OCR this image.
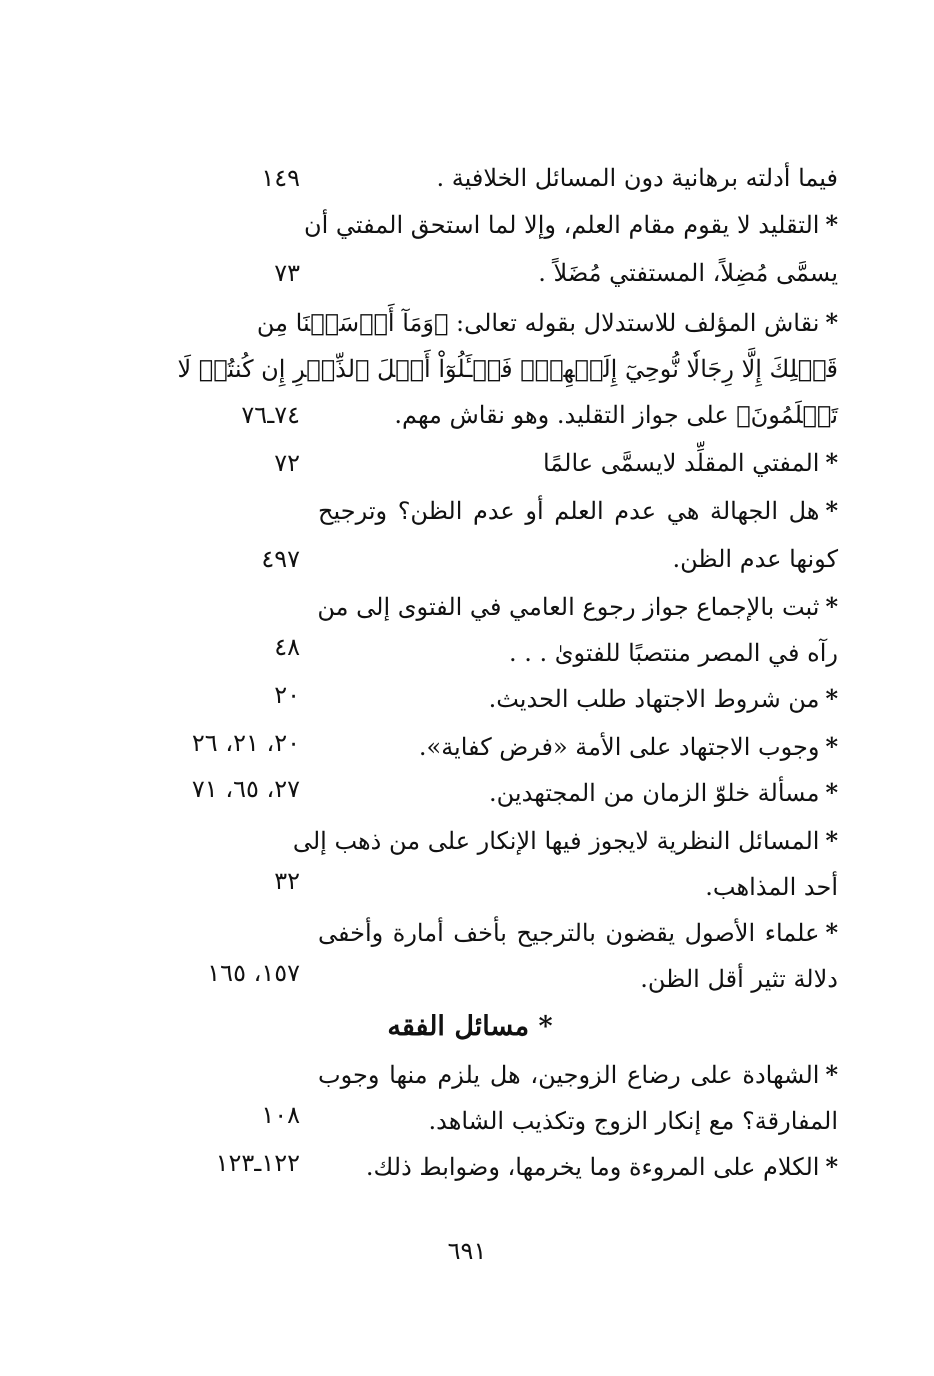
فيما أدلته برهانية دون المسائل الخلافية .
١٤٩
*التقليد لا يقوم مقام العلم، وإلا لما استحق المفتي أن
يسمَّى مُضِلاً، المستفتي مُضَلاً .
٧٣
*نقاش المؤلف للاستدلال بقوله تعالى: ﴿وَمَآ أَرۡسَلۡنَا مِن
قَبۡلِكَ إِلَّا رِجَالٗا نُّوحِيٓ إِلَيۡهِمۡۚ فَسۡـَٔلُوٓاْ أَهۡلَ ٱلذِّكۡرِ إِن كُنتُمۡ لَا
تَعۡلَمُونَ﴾ على جواز التقليد. وهو نقاش مهم.
٧٤ـ٧٦
*المفتي المقلِّد لايسمَّى عالمًا
٧٢
*هل الجهالة هي عدم العلم أو عدم الظن؟ وترجيح
كونها عدم الظن.
٤٩٧
*ثبت بالإجماع جواز رجوع العامي في الفتوى إلى من
رآه في المصر منتصبًا للفتوىٰ . . .
٤٨
*من شروط الاجتهاد طلب الحديث.
٢٠
*وجوب الاجتهاد على الأمة «فرض كفاية».
٢٠، ٢١، ٢٦
*مسألة خلوّ الزمان من المجتهدين.
٢٧، ٦٥، ٧١
*المسائل النظرية لايجوز فيها الإنكار على من ذهب إلى
أحد المذاهب.
٣٢
*علماء الأصول يقضون بالترجيح بأخف أمارة وأخفى
دلالة تثير أقل الظن.
١٥٧، ١٦٥
* مسائل الفقه
*الشهادة على رضاع الزوجين، هل يلزم منها وجوب
المفارقة؟ مع إنكار الزوج وتكذيب الشاهد.
١٠٨
*الكلام على المروءة وما يخرمها، وضوابط ذلك.
١٢٢ـ١٢٣
٦٩١
